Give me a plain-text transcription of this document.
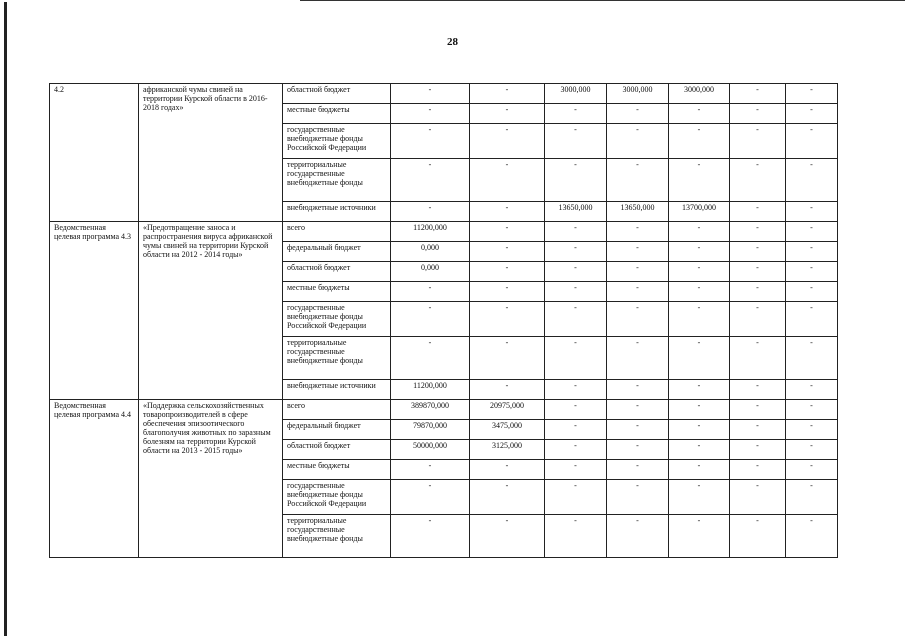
28
4.2	африканской чумы свиней на территории Курской области в 2016-2018 годах»	областной бюджет	-	-	3000,000	3000,000	3000,000	-	-
		местные бюджеты	-	-	-	-	-	-	-
		государственные внебюджетные фонды Российской Федерации	-	-	-	-	-	-	-
		территориальные государственные внебюджетные фонды	-	-	-	-	-	-	-
		внебюджетные источники	-	-	13650,000	13650,000	13700,000	-	-
Ведомственная целевая программа 4.3	«Предотвращение заноса и распространения вируса африканской чумы свиней на территории Курской области на 2012 - 2014 годы»	всего	11200,000	-	-	-	-	-	-
		федеральный бюджет	0,000	-	-	-	-	-	-
		областной бюджет	0,000	-	-	-	-	-	-
		местные бюджеты	-	-	-	-	-	-	-
		государственные внебюджетные фонды Российской Федерации	-	-	-	-	-	-	-
		территориальные государственные внебюджетные фонды	-	-	-	-	-	-	-
		внебюджетные источники	11200,000	-	-	-	-	-	-
Ведомственная целевая программа 4.4	«Поддержка сельскохозяйственных товаропроизводителей в сфере обеспечения эпизоотического благополучия животных по заразным болезням на территории Курской области на 2013 - 2015 годы»	всего	389870,000	20975,000	-	-	-	-	-
		федеральный бюджет	79870,000	3475,000	-	-	-	-	-
		областной бюджет	50000,000	3125,000	-	-	-	-	-
		местные бюджеты	-	-	-	-	-	-	-
		государственные внебюджетные фонды Российской Федерации	-	-	-	-	-	-	-
		территориальные государственные внебюджетные фонды	-	-	-	-	-	-	-
